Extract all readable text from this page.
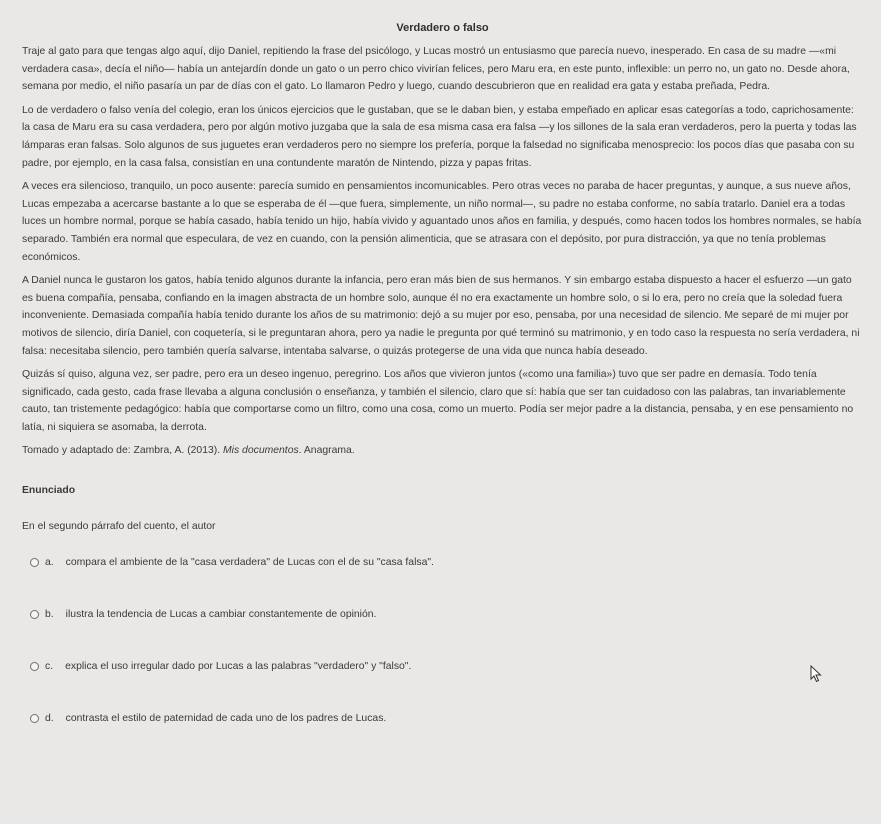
Verdadero o falso

Traje al gato para que tengas algo aquí, dijo Daniel, repitiendo la frase del psicólogo, y Lucas mostró un entusiasmo que parecía nuevo, inesperado. En casa de su madre —«mi verdadera casa», decía el niño— había un antejardín donde un gato o un perro chico vivirían felices, pero Maru era, en este punto, inflexible: un perro no, un gato no. Desde ahora, semana por medio, el niño pasaría un par de días con el gato. Lo llamaron Pedro y luego, cuando descubrieron que en realidad era gata y estaba preñada, Pedra.

Lo de verdadero o falso venía del colegio, eran los únicos ejercicios que le gustaban, que se le daban bien, y estaba empeñado en aplicar esas categorías a todo, caprichosamente: la casa de Maru era su casa verdadera, pero por algún motivo juzgaba que la sala de esa misma casa era falsa —y los sillones de la sala eran verdaderos, pero la puerta y todas las lámparas eran falsas. Solo algunos de sus juguetes eran verdaderos pero no siempre los prefería, porque la falsedad no significaba menosprecio: los pocos días que pasaba con su padre, por ejemplo, en la casa falsa, consistían en una contundente maratón de Nintendo, pizza y papas fritas.

A veces era silencioso, tranquilo, un poco ausente: parecía sumido en pensamientos incomunicables. Pero otras veces no paraba de hacer preguntas, y aunque, a sus nueve años, Lucas empezaba a acercarse bastante a lo que se esperaba de él —que fuera, simplemente, un niño normal—, su padre no estaba conforme, no sabía tratarlo. Daniel era a todas luces un hombre normal, porque se había casado, había tenido un hijo, había vivido y aguantado unos años en familia, y después, como hacen todos los hombres normales, se había separado. También era normal que especulara, de vez en cuando, con la pensión alimenticia, que se atrasara con el depósito, por pura distracción, ya que no tenía problemas económicos.

A Daniel nunca le gustaron los gatos, había tenido algunos durante la infancia, pero eran más bien de sus hermanos. Y sin embargo estaba dispuesto a hacer el esfuerzo —un gato es buena compañía, pensaba, confiando en la imagen abstracta de un hombre solo, aunque él no era exactamente un hombre solo, o si lo era, pero no creía que la soledad fuera inconveniente. Demasiada compañía había tenido durante los años de su matrimonio: dejó a su mujer por eso, pensaba, por una necesidad de silencio. Me separé de mi mujer por motivos de silencio, diría Daniel, con coquetería, si le preguntaran ahora, pero ya nadie le pregunta por qué terminó su matrimonio, y en todo caso la respuesta no sería verdadera, ni falsa: necesitaba silencio, pero también quería salvarse, intentaba salvarse, o quizás protegerse de una vida que nunca había deseado.

Quizás sí quiso, alguna vez, ser padre, pero era un deseo ingenuo, peregrino. Los años que vivieron juntos («como una familia») tuvo que ser padre en demasía. Todo tenía significado, cada gesto, cada frase llevaba a alguna conclusión o enseñanza, y también el silencio, claro que sí: había que ser tan cuidadoso con las palabras, tan invariablemente cauto, tan tristemente pedagógico: había que comportarse como un filtro, como una cosa, como un muerto. Podía ser mejor padre a la distancia, pensaba, y en ese pensamiento no latía, ni siquiera se asomaba, la derrota.

Tomado y adaptado de: Zambra, A. (2013). Mis documentos. Anagrama.
Enunciado
En el segundo párrafo del cuento, el autor
a. compara el ambiente de la "casa verdadera" de Lucas con el de su "casa falsa".
b. ilustra la tendencia de Lucas a cambiar constantemente de opinión.
c. explica el uso irregular dado por Lucas a las palabras "verdadero" y "falso".
d. contrasta el estilo de paternidad de cada uno de los padres de Lucas.
